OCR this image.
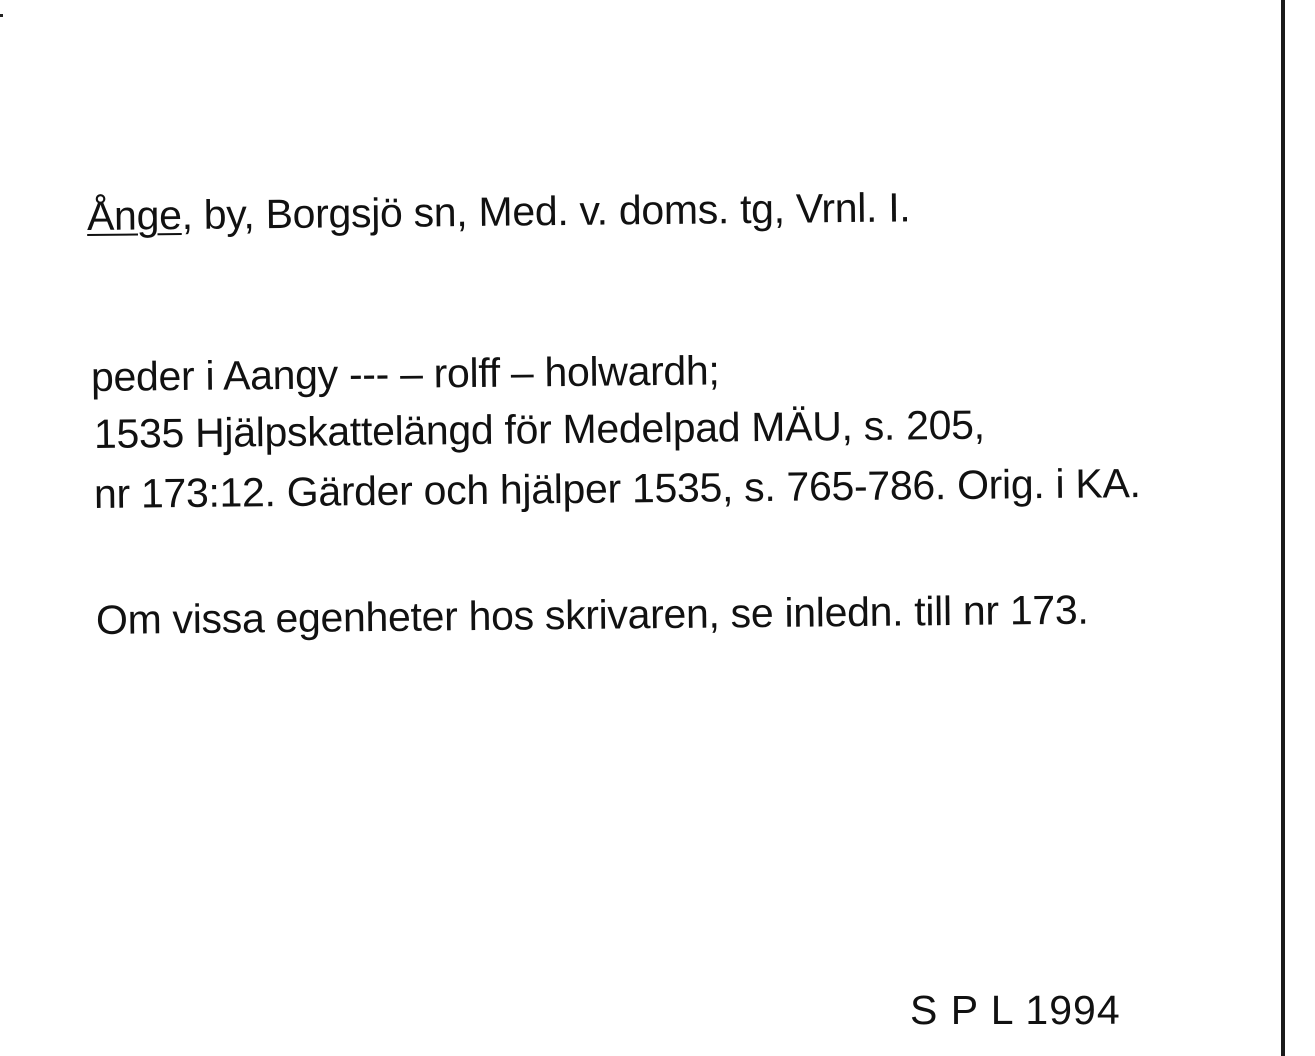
Ånge, by, Borgsjö sn, Med. v. doms. tg, Vrnl. I.
peder i Aangy --- – rolff – holwardh;
1535 Hjälpskattelängd för Medelpad MÄU, s. 205,
nr 173:12. Gärder och hjälper 1535, s. 765-786. Orig. i KA.
Om vissa egenheter hos skrivaren, se inledn. till nr 173.
S P L 1994
